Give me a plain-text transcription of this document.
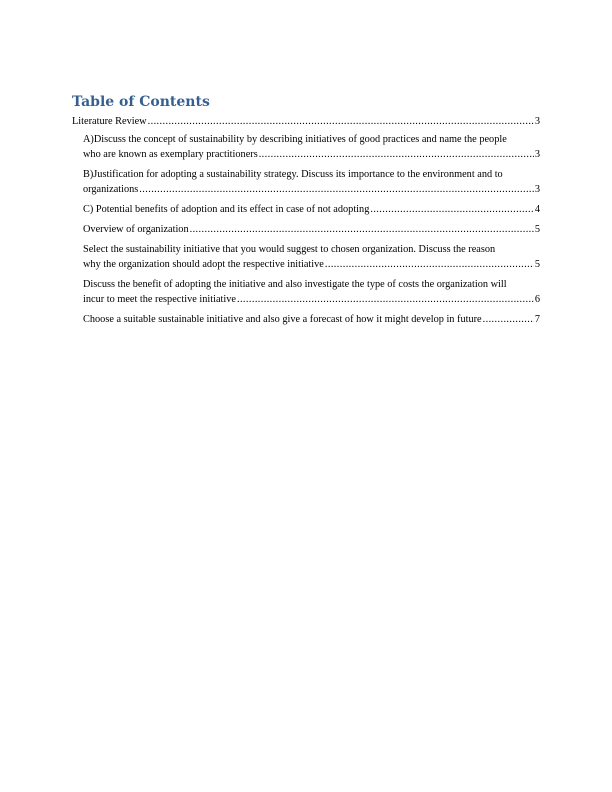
Table of Contents
Literature Review .....	3
A)Discuss the concept of sustainability by describing initiatives of good practices and name the people
who are known as exemplary practitioners .....	3
B)Justification for adopting a sustainability strategy. Discuss its importance to the environment and to
organizations .....	3
C) Potential benefits of adoption and its effect in case of not adopting .....	4
Overview of organization .....	5
Select the sustainability initiative that you would suggest to chosen organization. Discuss the reason
why the organization should adopt the respective initiative .....	5
Discuss the benefit of adopting the initiative and also investigate the type of costs the organization will
incur to meet the respective initiative .....	6
Choose a suitable sustainable initiative and also give a forecast of how it might develop in future .....	7
